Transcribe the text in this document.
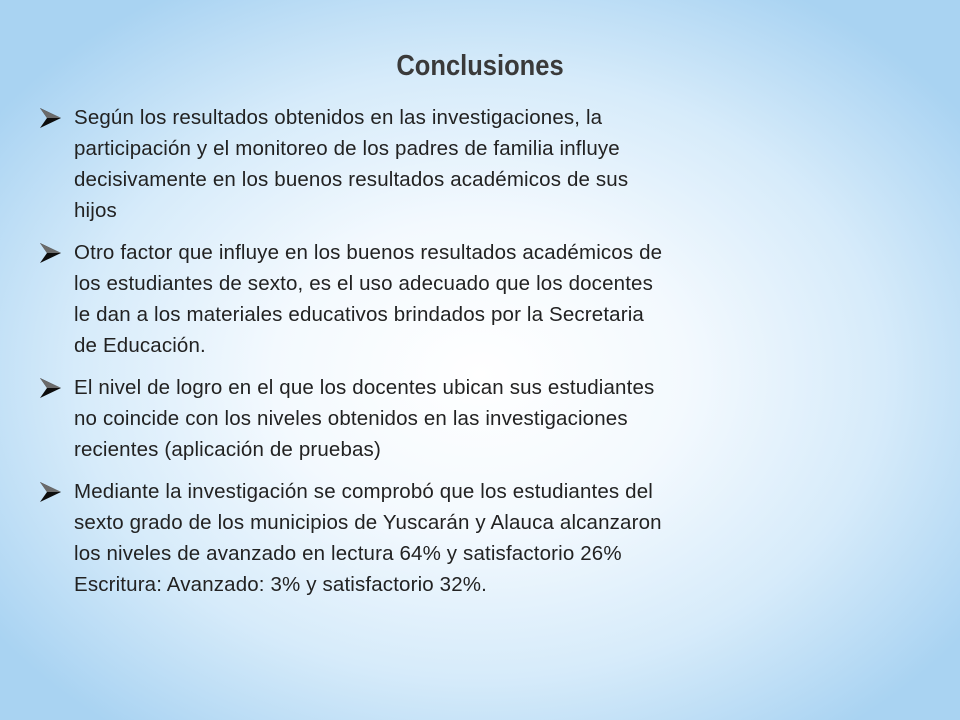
Conclusiones
Según los resultados obtenidos en las investigaciones, la
participación y el monitoreo de los padres de familia influye
decisivamente en los buenos resultados académicos de sus
hijos
Otro factor que influye en los buenos resultados académicos de
los estudiantes de sexto, es el uso adecuado que los docentes
le dan a los materiales educativos brindados por la Secretaria
de Educación.
El nivel de logro en el que los docentes ubican sus estudiantes
no coincide con los niveles obtenidos en las investigaciones
recientes (aplicación de pruebas)
Mediante la investigación se comprobó que los estudiantes del
sexto grado de los municipios de Yuscarán y Alauca alcanzaron
los niveles de avanzado en lectura 64% y satisfactorio 26%
Escritura: Avanzado: 3% y satisfactorio 32%.
